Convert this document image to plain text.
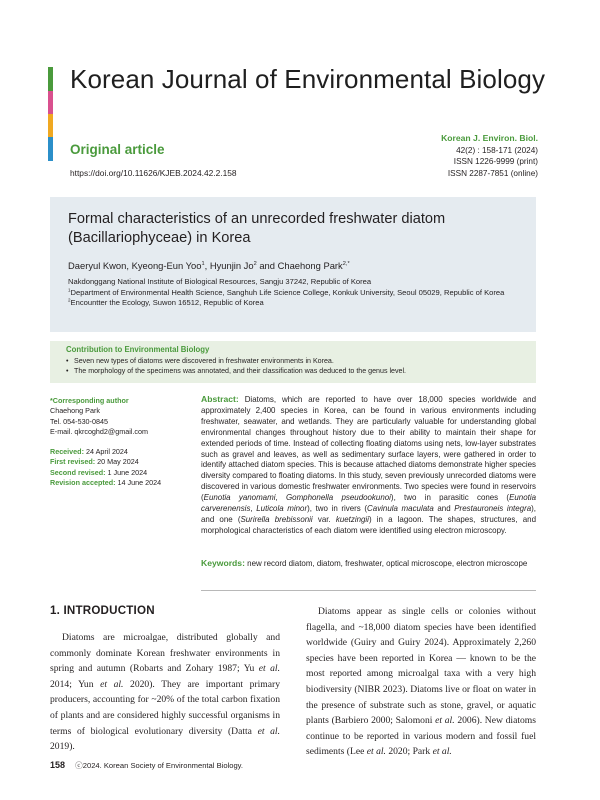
Korean Journal of Environmental Biology
Original article
https://doi.org/10.11626/KJEB.2024.42.2.158
Korean J. Environ. Biol.
42(2) : 158-171 (2024)
ISSN 1226-9999 (print)
ISSN 2287-7851 (online)
Formal characteristics of an unrecorded freshwater diatom
(Bacillariophyceae) in Korea
Daeryul Kwon, Kyeong-Eun Yoo$^1$, Hyunjin Jo$^2$ and Chaehong Park$^{2,*}$
Nakdonggang National Institute of Biological Resources, Sangju 37242, Republic of Korea
$^1$Department of Environmental Health Science, Sanghuh Life Science College, Konkuk University, Seoul 05029, Republic of Korea
$^2$Encountter the Ecology, Suwon 16512, Republic of Korea
Contribution to Environmental Biology
• Seven new types of diatoms were discovered in freshwater environments in Korea.
• The morphology of the specimens was annotated, and their classification was deduced to the genus level.
*Corresponding author
Chaehong Park
Tel. 054-530-0845
E-mail. qkrcoghd2@gmail.com
Received: 24 April 2024
First revised: 20 May 2024
Second revised: 1 June 2024
Revision accepted: 14 June 2024
Abstract: Diatoms, which are reported to have over 18,000 species worldwide and approximately 2,400 species in Korea, can be found in various environments including freshwater, seawater, and wetlands. They are particularly valuable for understanding global environmental changes throughout history due to their ability to maintain their shape for extended periods of time. Instead of collecting floating diatoms using nets, low-layer substrates such as gravel and leaves, as well as sedimentary surface layers, were gathered in order to identify attached diatom species. This is because attached diatoms demonstrate higher species diversity compared to floating diatoms. In this study, seven previously unrecorded diatoms were discovered in various domestic freshwater environments. Two species were found in reservoirs (Eunotia yanomami, Gomphonella pseudookunoi), two in parasitic cones (Eunotia carverenensis, Luticola minor), two in rivers (Cavinula maculata and Prestauroneis integra), and one (Surirella brebissonii var. kuetzingii) in a lagoon. The shapes, structures, and morphological characteristics of each diatom were identified using electron microscopy.
Keywords: new record diatom, diatom, freshwater, optical microscope, electron microscope
1. INTRODUCTION

Diatoms are microalgae, distributed globally and commonly dominate Korean freshwater environments in spring and autumn (Robarts and Zohary 1987; Yu et al. 2014; Yun et al. 2020). They are important primary producers, accounting for ~20% of the total carbon fixation of plants and are considered highly successful organisms in terms of biological evolutionary diversity (Datta et al. 2019).

Diatoms appear as single cells or colonies without flagella, and ~18,000 diatom species have been identified worldwide (Guiry and Guiry 2024). Approximately 2,260 species have been reported in Korea — known to be the most reported among microalgal taxa with a very high biodiversity (NIBR 2023). Diatoms live or float on water in the presence of substrate such as stone, gravel, or aquatic plants (Barbiero 2000; Salomoni et al. 2006). New diatoms continue to be reported in various modern and fossil fuel sediments (Lee et al. 2020; Park et al.

158 ⓒ2024. Korean Society of Environmental Biology.
